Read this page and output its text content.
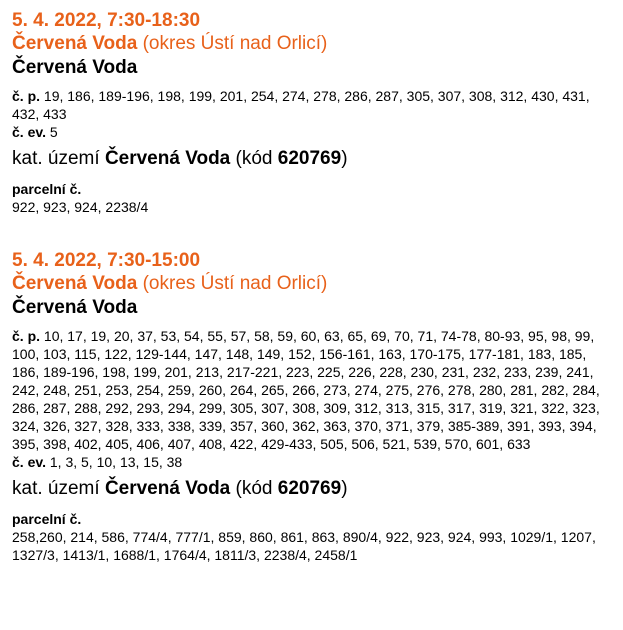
5. 4. 2022, 7:30-18:30
Červená Voda (okres Ústí nad Orlicí)
Červená Voda
č. p. 19, 186, 189-196, 198, 199, 201, 254, 274, 278, 286, 287, 305, 307, 308, 312, 430, 431, 432, 433
č. ev. 5
kat. území Červená Voda (kód 620769)
parcelní č.
922, 923, 924, 2238/4
5. 4. 2022, 7:30-15:00
Červená Voda (okres Ústí nad Orlicí)
Červená Voda
č. p. 10, 17, 19, 20, 37, 53, 54, 55, 57, 58, 59, 60, 63, 65, 69, 70, 71, 74-78, 80-93, 95, 98, 99, 100, 103, 115, 122, 129-144, 147, 148, 149, 152, 156-161, 163, 170-175, 177-181, 183, 185, 186, 189-196, 198, 199, 201, 213, 217-221, 223, 225, 226, 228, 230, 231, 232, 233, 239, 241, 242, 248, 251, 253, 254, 259, 260, 264, 265, 266, 273, 274, 275, 276, 278, 280, 281, 282, 284, 286, 287, 288, 292, 293, 294, 299, 305, 307, 308, 309, 312, 313, 315, 317, 319, 321, 322, 323, 324, 326, 327, 328, 333, 338, 339, 357, 360, 362, 363, 370, 371, 379, 385-389, 391, 393, 394, 395, 398, 402, 405, 406, 407, 408, 422, 429-433, 505, 506, 521, 539, 570, 601, 633
č. ev. 1, 3, 5, 10, 13, 15, 38
kat. území Červená Voda (kód 620769)
parcelní č.
258,260, 214, 586, 774/4, 777/1, 859, 860, 861, 863, 890/4, 922, 923, 924, 993, 1029/1, 1207, 1327/3, 1413/1, 1688/1, 1764/4, 1811/3, 2238/4, 2458/1
